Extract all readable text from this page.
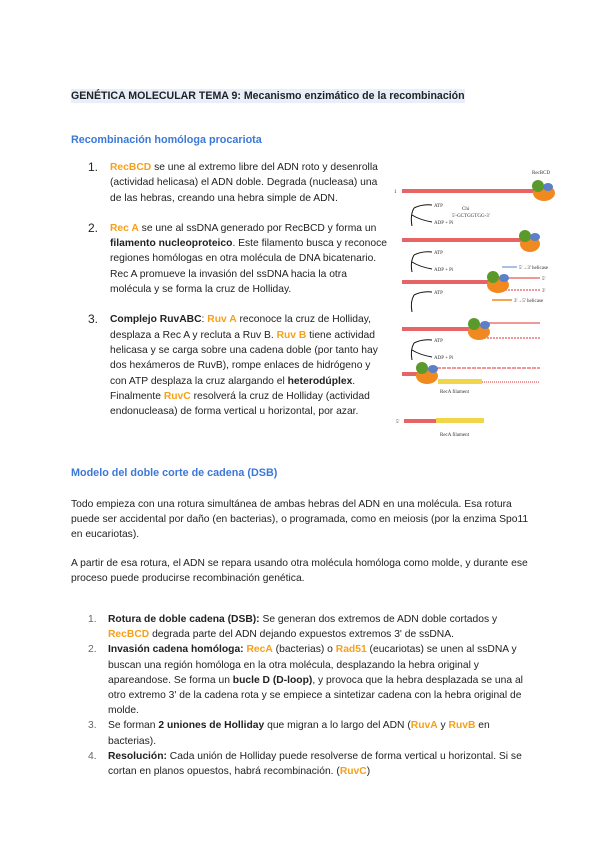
GENÉTICA MOLECULAR TEMA 9: Mecanismo enzimático de la recombinación
Recombinación homóloga procariota
1. RecBCD se une al extremo libre del ADN roto y desenrolla (actividad helicasa) el ADN doble. Degrada (nucleasa) una de las hebras, creando una hebra simple de ADN.
2. Rec A se une al ssDNA generado por RecBCD y forma un filamento nucleoproteico. Este filamento busca y reconoce regiones homólogas en otra molécula de DNA bicatenario. Rec A promueve la invasión del ssDNA hacia la otra molécula y se forma la cruz de Holliday.
3. Complejo RuvABC: Ruv A reconoce la cruz de Holliday, desplaza a Rec A y recluta a Ruv B. Ruv B tiene actividad helicasa y se carga sobre una cadena doble (por tanto hay dos hexámeros de RuvB), rompe enlaces de hidrógeno y con ATP desplaza la cruz alargando el heterodúplex. Finalmente RuvC resolverá la cruz de Holliday (actividad endonucleasa) de forma vertical u horizontal, por azar.
1
RecBCD
Chi
5'-GCTGGTGG-3'
ATP
ADP + Pi
ATP
ADP + Pi	5'→3' helicase
5'
3'
3'→5' helicase
ATP
ATP
ADP + Pi
RecA filament
5'
RecA filament
Modelo del doble corte de cadena (DSB)
Todo empieza con una rotura simultánea de ambas hebras del ADN en una molécula. Esa rotura puede ser accidental por daño (en bacterias), o programada, como en meiosis (por la enzima Spo11 en eucariotas).
A partir de esa rotura, el ADN se repara usando otra molécula homóloga como molde, y durante ese proceso puede producirse recombinación genética.
1. Rotura de doble cadena (DSB): Se generan dos extremos de ADN doble cortados y RecBCD degrada parte del ADN dejando expuestos extremos 3' de ssDNA.
2. Invasión cadena homóloga: RecA (bacterias) o Rad51 (eucariotas) se unen al ssDNA y buscan una región homóloga en la otra molécula, desplazando la hebra original y apareandose. Se forma un bucle D (D-loop), y provoca que la hebra desplazada se una al otro extremo 3' de la cadena rota y se empiece a sintetizar cadena con la hebra original de molde.
3. Se forman 2 uniones de Holliday que migran a lo largo del ADN (RuvA y RuvB en bacterias).
4. Resolución: Cada unión de Holliday puede resolverse de forma vertical u horizontal. Si se cortan en planos opuestos, habrá recombinación. (RuvC)
